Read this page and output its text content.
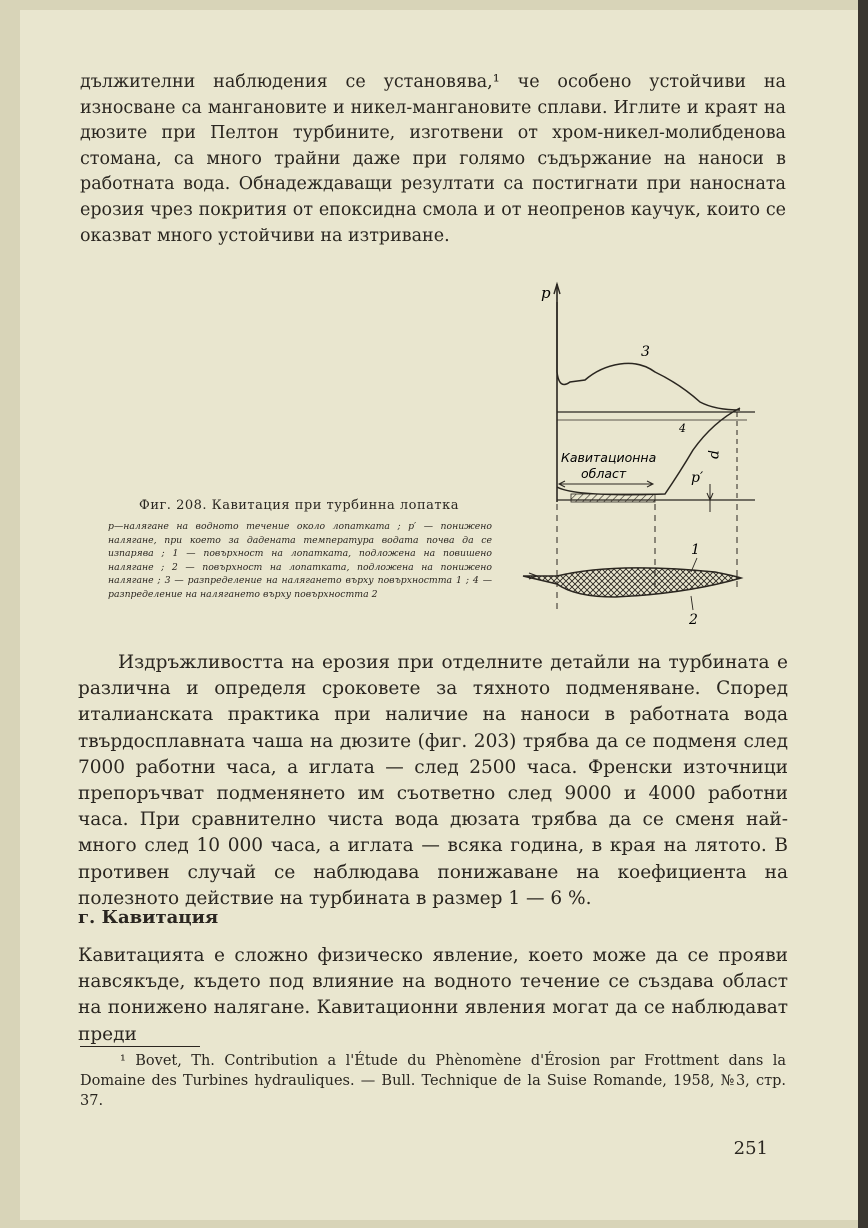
дължителни наблюдения се установява,¹ че особено устойчиви на износване са мангановите и никел-мангановите сплави. Иглите и краят на дюзите при Пелтон турбините, изготвени от хром-никел-молибденова стомана, са много трайни даже при голямо съдържание на наноси в работната вода. Обнадеждаващи резултати са постигнати при наносната ерозия чрез покрития от епоксидна смола и от неопренов каучук, които се оказват много устойчиви на изтриване.

p
3
4
Кавитационна
област	p′
p
1
2

Фиг. 208. Кавитация при турбинна лопатка

p—налягане на водното течение около лопатката ; p′ — понижено налягане, при което за дадената температура водата почва да се изпарява ; 1 — повърхност на лопатката, подложена на повишено налягане ; 2 — повърхност на лопатката, подложена на понижено налягане ; 3 — разпределение на налягането върху повърхността 1 ; 4 — разпределение на налягането върху повърхността 2

Издръжливостта на ерозия при отделните детайли на турбината е различна и определя сроковете за тяхното подменяване. Според италианската практика при наличие на наноси в работната вода твърдосплавната чаша на дюзите (фиг. 203) трябва да се подменя след 7000 работни часа, а иглата — след 2500 часа. Френски източници препоръчват подменянето им съответно след 9000 и 4000 работни часа. При сравнително чиста вода дюзата трябва да се сменя най-много след 10 000 часа, а иглата — всяка година, в края на лятото. В противен случай се наблюдава понижаване на коефициента на полезното действие на турбината в размер 1 — 6 %.

г. Кавитация

Кавитацията е сложно физическо явление, което може да се прояви навсякъде, където под влияние на водното течение се създава област на понижено налягане. Кавитационни явления могат да се наблюдават преди

¹ Bovet, Th. Contribution a l'Étude du Phènomène d'Érosion par Frottment dans la Domaine des Turbines hydrauliques. — Bull. Technique de la Suise Romande, 1958, №3, стр. 37.

251
